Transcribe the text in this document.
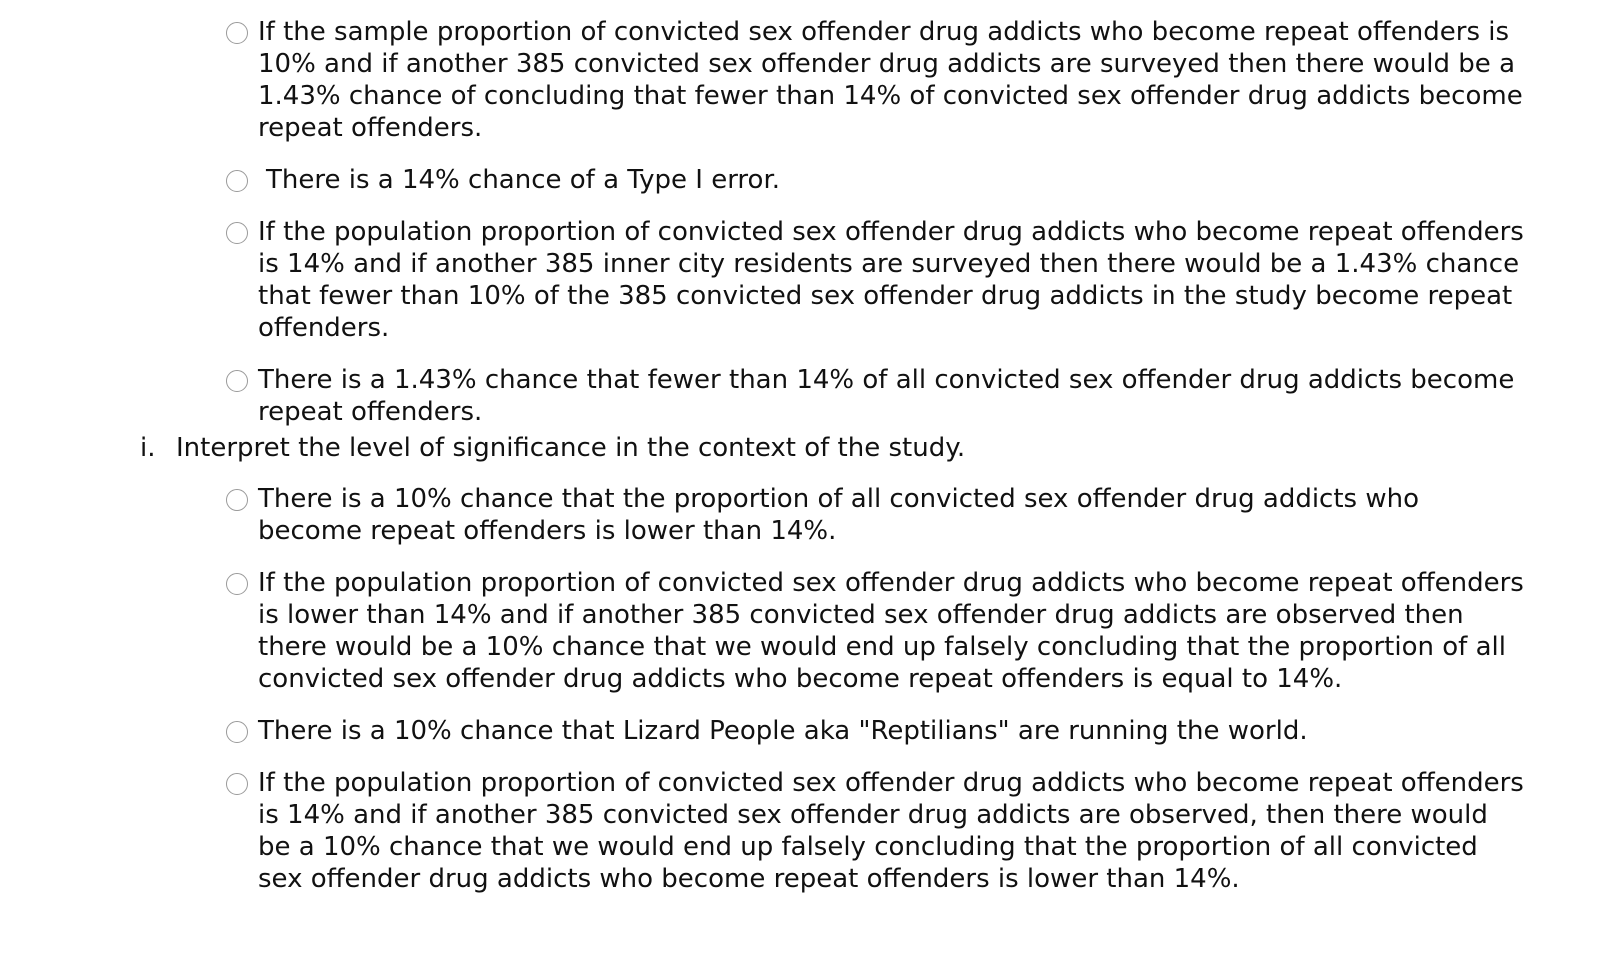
If the sample proportion of convicted sex offender drug addicts who become repeat offenders is 10% and if another 385 convicted sex offender drug addicts are surveyed then there would be a 1.43% chance of concluding that fewer than 14% of convicted sex offender drug addicts become repeat offenders.
There is a 14% chance of a Type I error.
If the population proportion of convicted sex offender drug addicts who become repeat offenders is 14% and if another 385 inner city residents are surveyed then there would be a 1.43% chance that fewer than 10% of the 385 convicted sex offender drug addicts in the study become repeat offenders.
There is a 1.43% chance that fewer than 14% of all convicted sex offender drug addicts become repeat offenders.
i. Interpret the level of significance in the context of the study.
There is a 10% chance that the proportion of all convicted sex offender drug addicts who become repeat offenders is lower than 14%.
If the population proportion of convicted sex offender drug addicts who become repeat offenders is lower than 14% and if another 385 convicted sex offender drug addicts are observed then there would be a 10% chance that we would end up falsely concluding that the proportion of all convicted sex offender drug addicts who become repeat offenders is equal to 14%.
There is a 10% chance that Lizard People aka "Reptilians" are running the world.
If the population proportion of convicted sex offender drug addicts who become repeat offenders is 14% and if another 385 convicted sex offender drug addicts are observed, then there would be a 10% chance that we would end up falsely concluding that the proportion of all convicted sex offender drug addicts who become repeat offenders is lower than 14%.
